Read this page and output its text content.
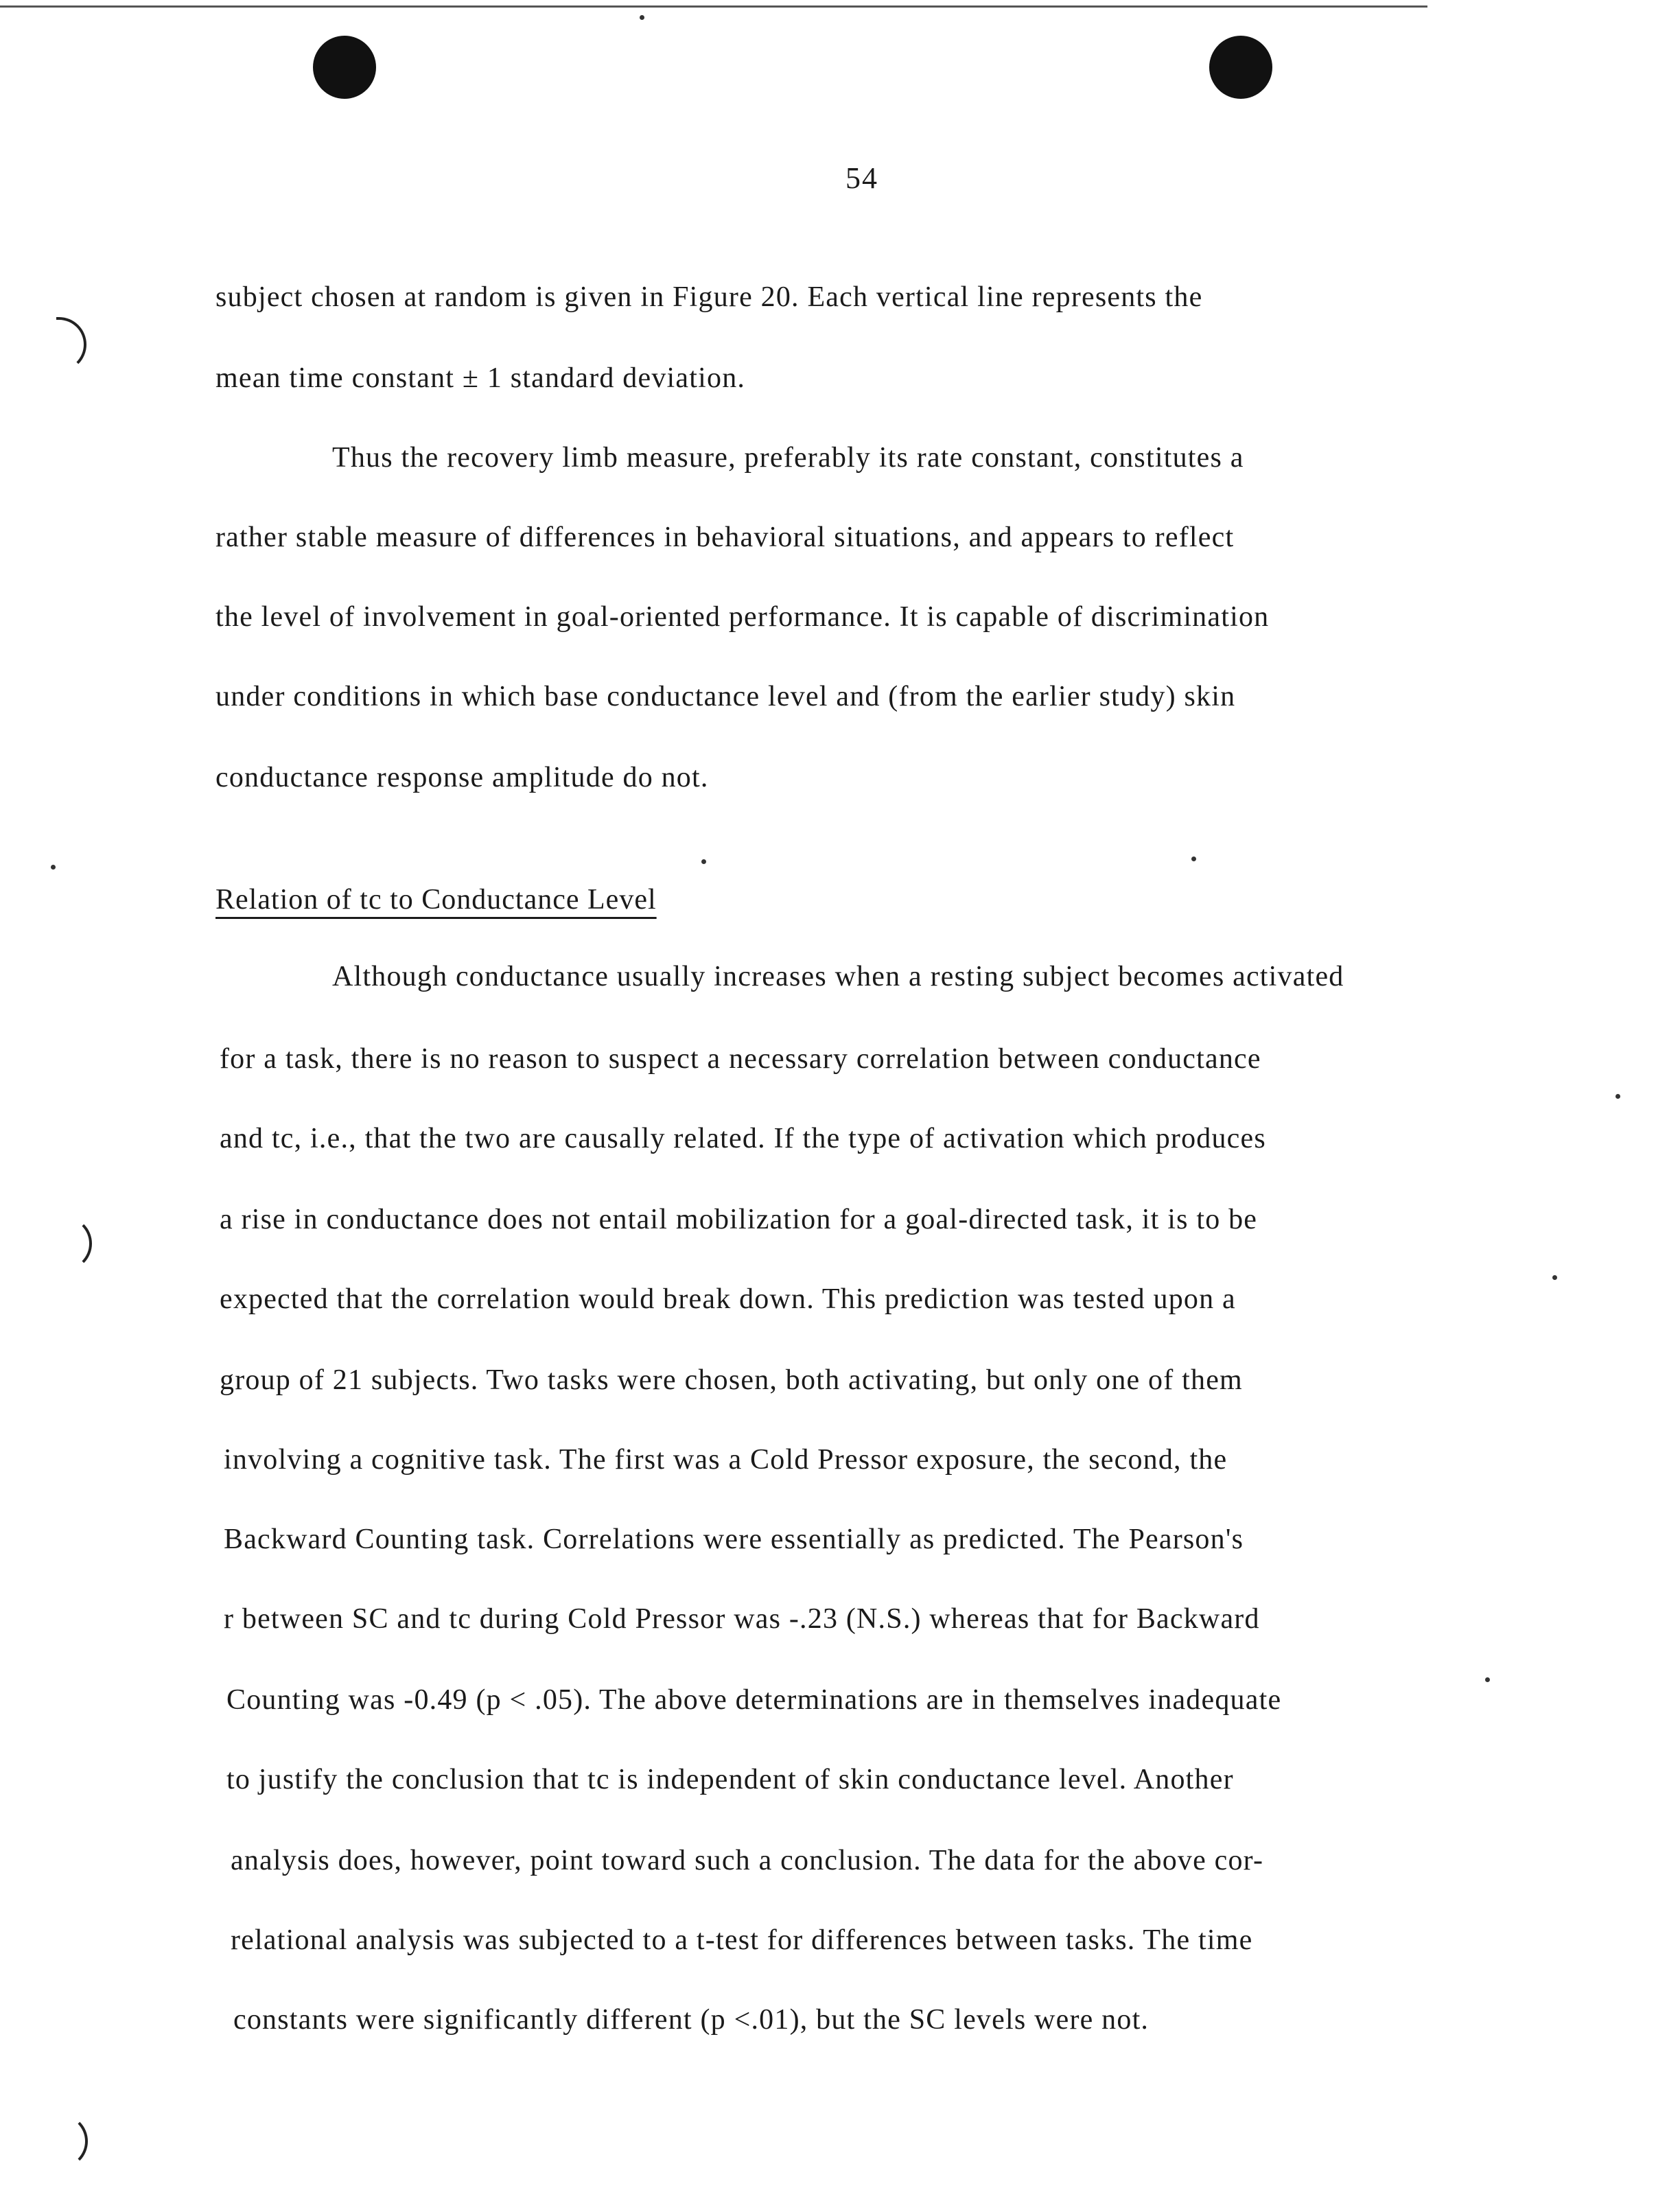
54
subject chosen at random is given in Figure 20. Each vertical line represents the
mean time constant ± 1 standard deviation.
Thus the recovery limb measure, preferably its rate constant, constitutes a
rather stable measure of differences in behavioral situations, and appears to reflect
the level of involvement in goal-oriented performance. It is capable of discrimination
under conditions in which base conductance level and (from the earlier study) skin
conductance response amplitude do not.
Relation of tc to Conductance Level
Although conductance usually increases when a resting subject becomes activated
for a task, there is no reason to suspect a necessary correlation between conductance
and tc, i.e., that the two are causally related. If the type of activation which produces
a rise in conductance does not entail mobilization for a goal-directed task, it is to be
expected that the correlation would break down. This prediction was tested upon a
group of 21 subjects. Two tasks were chosen, both activating, but only one of them
involving a cognitive task. The first was a Cold Pressor exposure, the second, the
Backward Counting task. Correlations were essentially as predicted. The Pearson's
r between SC and tc during Cold Pressor was -.23 (N.S.) whereas that for Backward
Counting was -0.49 (p < .05). The above determinations are in themselves inadequate
to justify the conclusion that tc is independent of skin conductance level. Another
analysis does, however, point toward such a conclusion. The data for the above cor-
relational analysis was subjected to a t-test for differences between tasks. The time
constants were significantly different (p <.01), but the SC levels were not.
